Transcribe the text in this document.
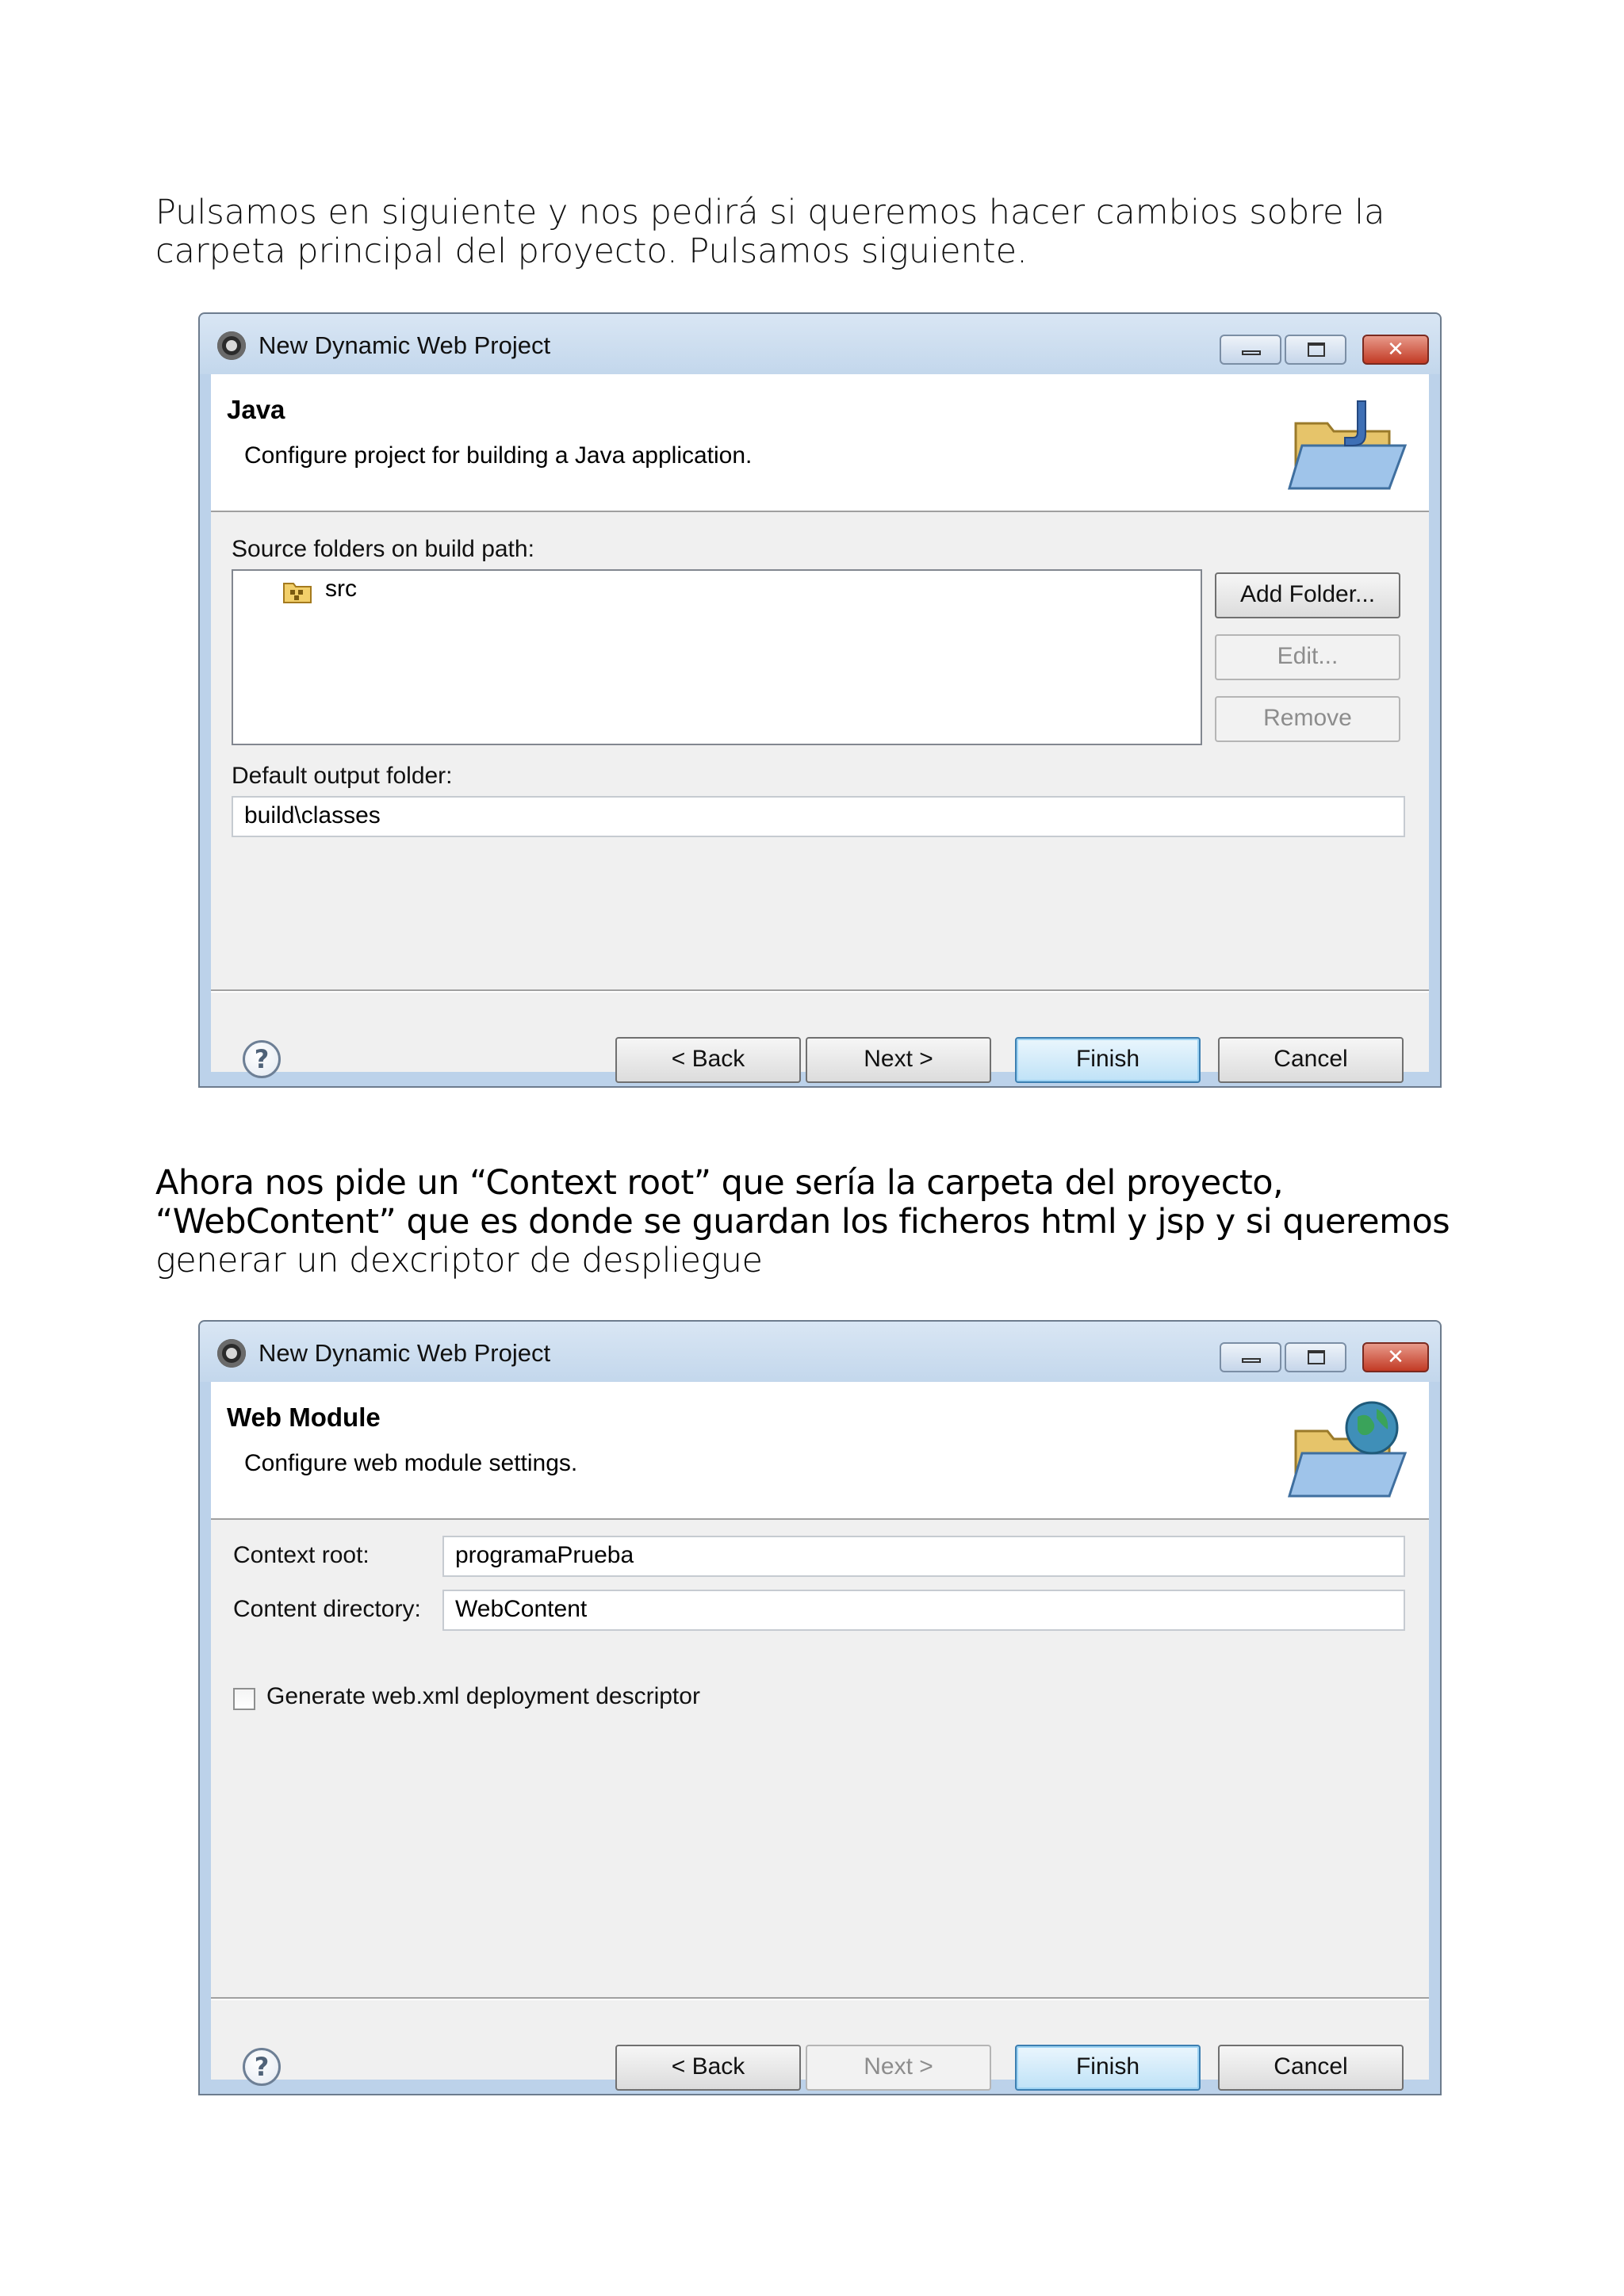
Pulsamos en siguiente y nos pedirá si queremos hacer cambios sobre la
carpeta principal del proyecto. Pulsamos siguiente.
New Dynamic Web Project	✕
Java
Configure project for building a Java application.
Source folders on build path:
src	Add Folder...
Edit...
Remove
Default output folder:
build\classes
?	< Back	Next >	Finish	Cancel
Ahora nos pide un “Context root” que sería la carpeta del proyecto,
“WebContent” que es donde se guardan los ficheros html y jsp y si queremos
generar un dexcriptor de despliegue
New Dynamic Web Project	✕
Web Module
Configure web module settings.
Context root:	programaPrueba
Content directory:	WebContent
Generate web.xml deployment descriptor
?	< Back	Next >	Finish	Cancel
